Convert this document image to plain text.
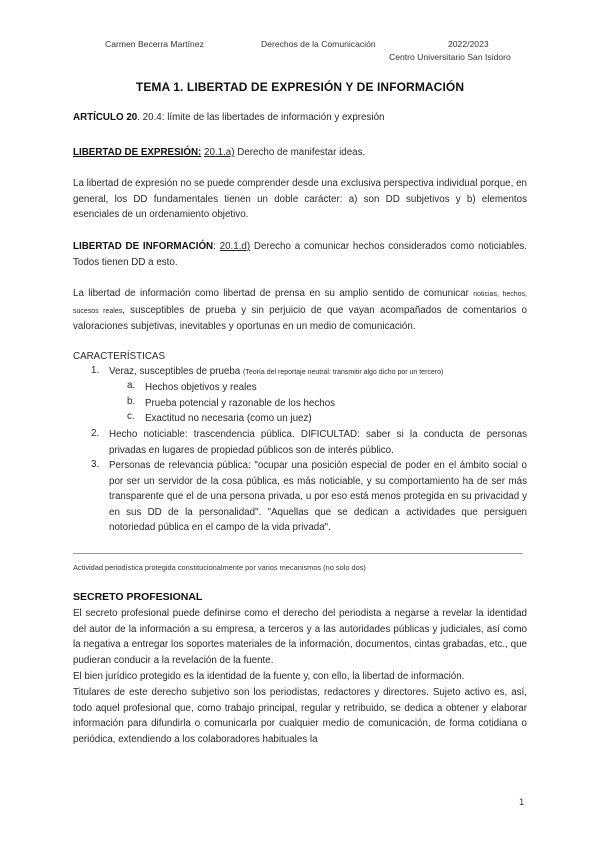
Carmen Becerra Martínez	Derechos de la Comunicación	2022/2023
Centro Universitario San Isidoro
TEMA 1. LIBERTAD DE EXPRESIÓN Y DE INFORMACIÓN
ARTÍCULO 20. 20.4: límite de las libertades de información y expresión
LIBERTAD DE EXPRESIÓN: 20.1.a) Derecho de manifestar ideas.
La libertad de expresión no se puede comprender desde una exclusiva perspectiva individual porque, en general, los DD fundamentales tienen un doble carácter: a) son DD subjetivos y b) elementos esenciales de un ordenamiento objetivo.
LIBERTAD DE INFORMACIÓN: 20.1.d) Derecho a comunicar hechos considerados como noticiables. Todos tienen DD a esto.
La libertad de información como libertad de prensa en su amplio sentido de comunicar noticias, hechos, sucesos reales, susceptibles de prueba y sin perjuicio de que vayan acompañados de comentarios o valoraciones subjetivas, inevitables y oportunas en un medio de comunicación.
CARACTERÍSTICAS
1. Veraz, susceptibles de prueba (Teoría del reportaje neutral: transmitir algo dicho por un tercero)
a. Hechos objetivos y reales
b. Prueba potencial y razonable de los hechos
c. Exactitud no necesaria (como un juez)
2. Hecho noticiable: trascendencia pública. DIFICULTAD: saber si la conducta de personas privadas en lugares de propiedad públicos son de interés público.
3. Personas de relevancia pública: "ocupar una posición especial de poder en el ámbito social o por ser un servidor de la cosa pública, es más noticiable, y su comportamiento ha de ser más transparente que el de una persona privada, u por eso está menos protegida en su privacidad y en sus DD de la personalidad". "Aquellas que se dedican a actividades que persiguen notoriedad pública en el campo de la vida privada".
Actividad periodística protegida constitucionalmente por varios mecanismos (no solo dos)
SECRETO PROFESIONAL
El secreto profesional puede definirse como el derecho del periodista a negarse a revelar la identidad del autor de la información a su empresa, a terceros y a las autoridades públicas y judiciales, así como la negativa a entregar los soportes materiales de la información, documentos, cintas grabadas, etc., que pudieran conducir a la revelación de la fuente.
El bien jurídico protegido es la identidad de la fuente y, con ello, la libertad de información.
Titulares de este derecho subjetivo son los periodistas, redactores y directores. Sujeto activo es, así, todo aquel profesional que, como trabajo principal, regular y retribuido, se dedica a obtener y elaborar información para difundirla o comunicarla por cualquier medio de comunicación, de forma cotidiana o periódica, extendiendo a los colaboradores habituales la
1
